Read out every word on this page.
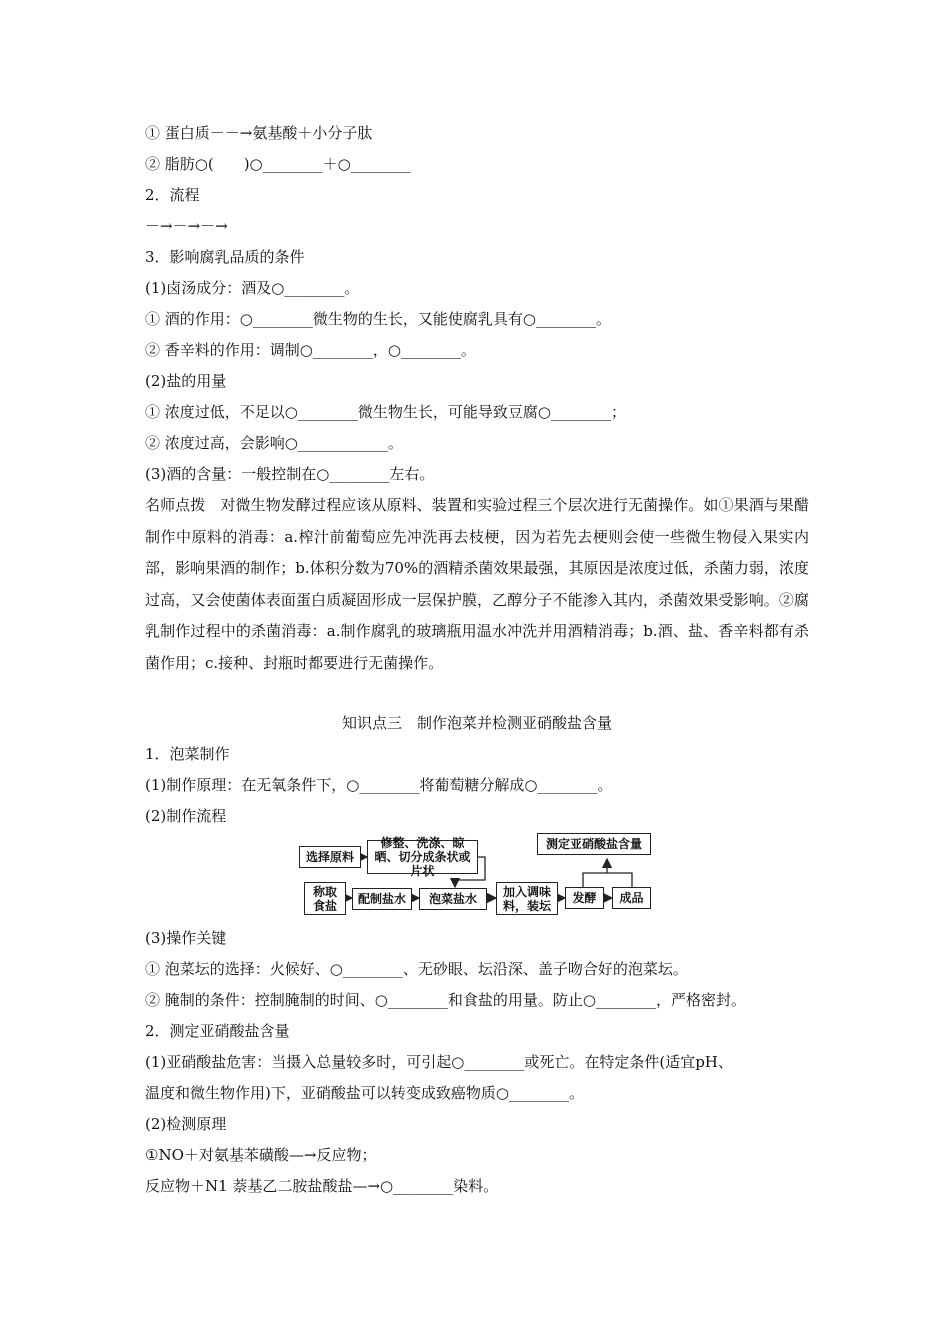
① 蛋白质－－→氨基酸＋小分子肽
② 脂肪○(　　)○________＋○________
2．流程
－→－→－→
3．影响腐乳品质的条件
(1)卤汤成分：酒及○________。
① 酒的作用：○________微生物的生长，又能使腐乳具有○________。
② 香辛料的作用：调制○________，○________。
(2)盐的用量
① 浓度过低，不足以○________微生物生长，可能导致豆腐○________；
② 浓度过高，会影响○____________。
(3)酒的含量：一般控制在○________左右。
名师点拨　对微生物发酵过程应该从原料、装置和实验过程三个层次进行无菌操作。如①果酒与果醋制作中原料的消毒：a.榨汁前葡萄应先冲洗再去枝梗，因为若先去梗则会使一些微生物侵入果实内部，影响果酒的制作；b.体积分数为70%的酒精杀菌效果最强，其原因是浓度过低，杀菌力弱，浓度过高，又会使菌体表面蛋白质凝固形成一层保护膜，乙醇分子不能渗入其内，杀菌效果受影响。②腐乳制作过程中的杀菌消毒：a.制作腐乳的玻璃瓶用温水冲洗并用酒精消毒；b.酒、盐、香辛料都有杀菌作用；c.接种、封瓶时都要进行无菌操作。
知识点三　制作泡菜并检测亚硝酸盐含量
1．泡菜制作
(1)制作原理：在无氧条件下，○________将葡萄糖分解成○________。
(2)制作流程
选择原料
修整、洗涤、晾晒、切分成条状或片状
称取食盐	配制盐水	泡菜盐水
加入调味料，装坛
发酵	成品
测定亚硝酸盐含量
(3)操作关键
① 泡菜坛的选择：火候好、○________、无砂眼、坛沿深、盖子吻合好的泡菜坛。
② 腌制的条件：控制腌制的时间、○________和食盐的用量。防止○________，严格密封。
2．测定亚硝酸盐含量
(1)亚硝酸盐危害：当摄入总量较多时，可引起○________或死亡。在特定条件(适宜pH、
温度和微生物作用)下，亚硝酸盐可以转变成致癌物质○________。
(2)检测原理
①NO＋对氨基苯磺酸—→反应物；
反应物＋N1 萘基乙二胺盐酸盐—→○________染料。
